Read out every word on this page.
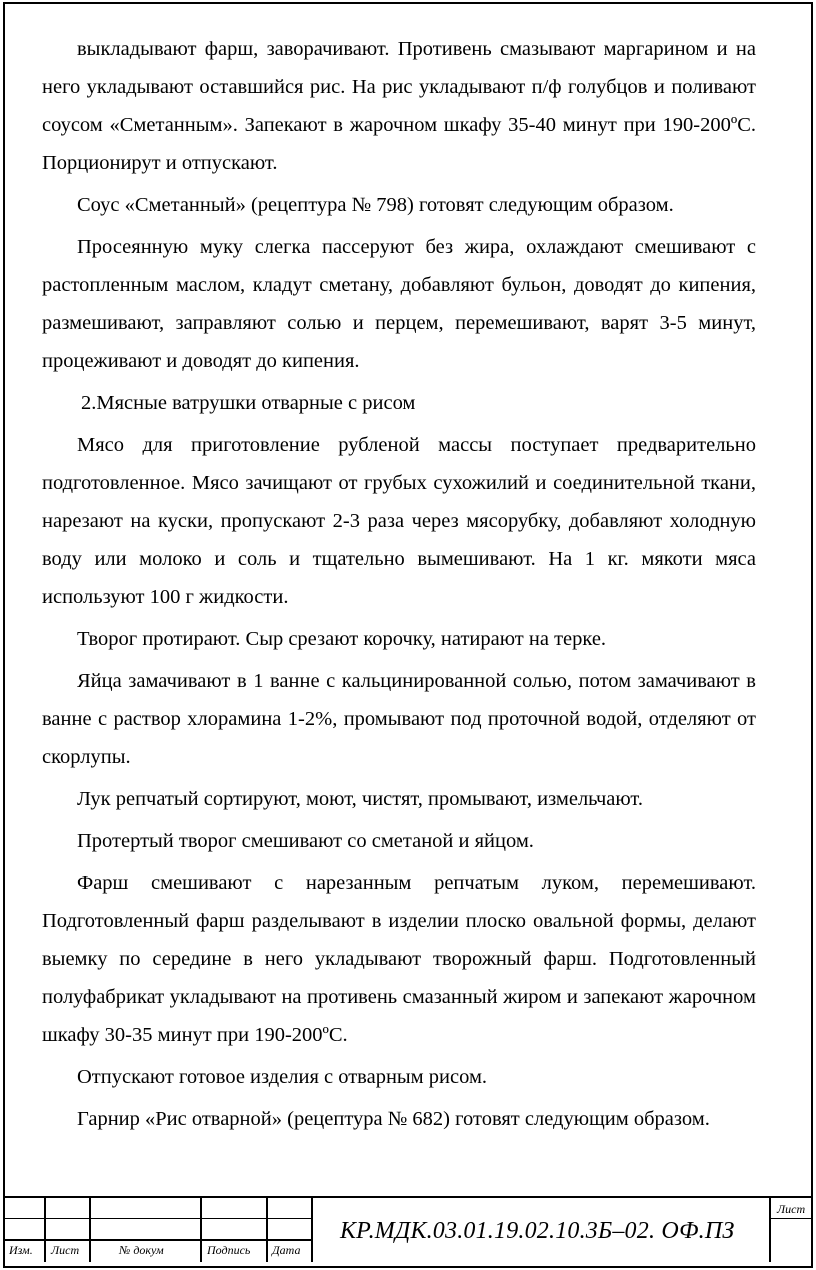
выкладывают фарш, заворачивают. Противень смазывают маргарином и на него укладывают оставшийся рис. На рис укладывают п/ф голубцов и поливают соусом «Сметанным». Запекают в жарочном шкафу 35-40 минут при 190-200ºС. Порционирут и отпускают.

Соус «Сметанный» (рецептура № 798) готовят следующим образом.

Просеянную муку слегка пассеруют без жира, охлаждают смешивают с растопленным маслом, кладут сметану, добавляют бульон, доводят до кипения, размешивают, заправляют солью и перцем, перемешивают, варят 3-5 минут, процеживают и доводят до кипения.

2.Мясные ватрушки отварные с рисом

Мясо для приготовление рубленой массы поступает предварительно подготовленное. Мясо зачищают от грубых сухожилий и соединительной ткани, нарезают на куски, пропускают 2-3 раза через мясорубку, добавляют холодную воду или молоко и соль и тщательно вымешивают. На 1 кг. мякоти мяса используют 100 г жидкости.

Творог протирают. Сыр срезают корочку, натирают на терке.

Яйца замачивают в 1 ванне с кальцинированной солью, потом замачивают в ванне с раствор хлорамина 1-2%, промывают под проточной водой, отделяют от скорлупы.

Лук репчатый сортируют, моют, чистят, промывают, измельчают.

Протертый творог смешивают со сметаной и яйцом.

Фарш смешивают с нарезанным репчатым луком, перемешивают. Подготовленный фарш разделывают в изделии плоско овальной формы, делают выемку по середине в него укладывают творожный фарш. Подготовленный полуфабрикат укладывают на противень смазанный жиром и запекают жарочном шкафу 30-35 минут при 190-200ºС.

Отпускают готовое изделия с отварным рисом.

Гарнир «Рис отварной» (рецептура № 682) готовят следующим образом.

Изм. Лист	№ докум	Подпись Дата
КР.МДК.03.01.19.02.10.3Б–02. ОФ.ПЗ
Лист
